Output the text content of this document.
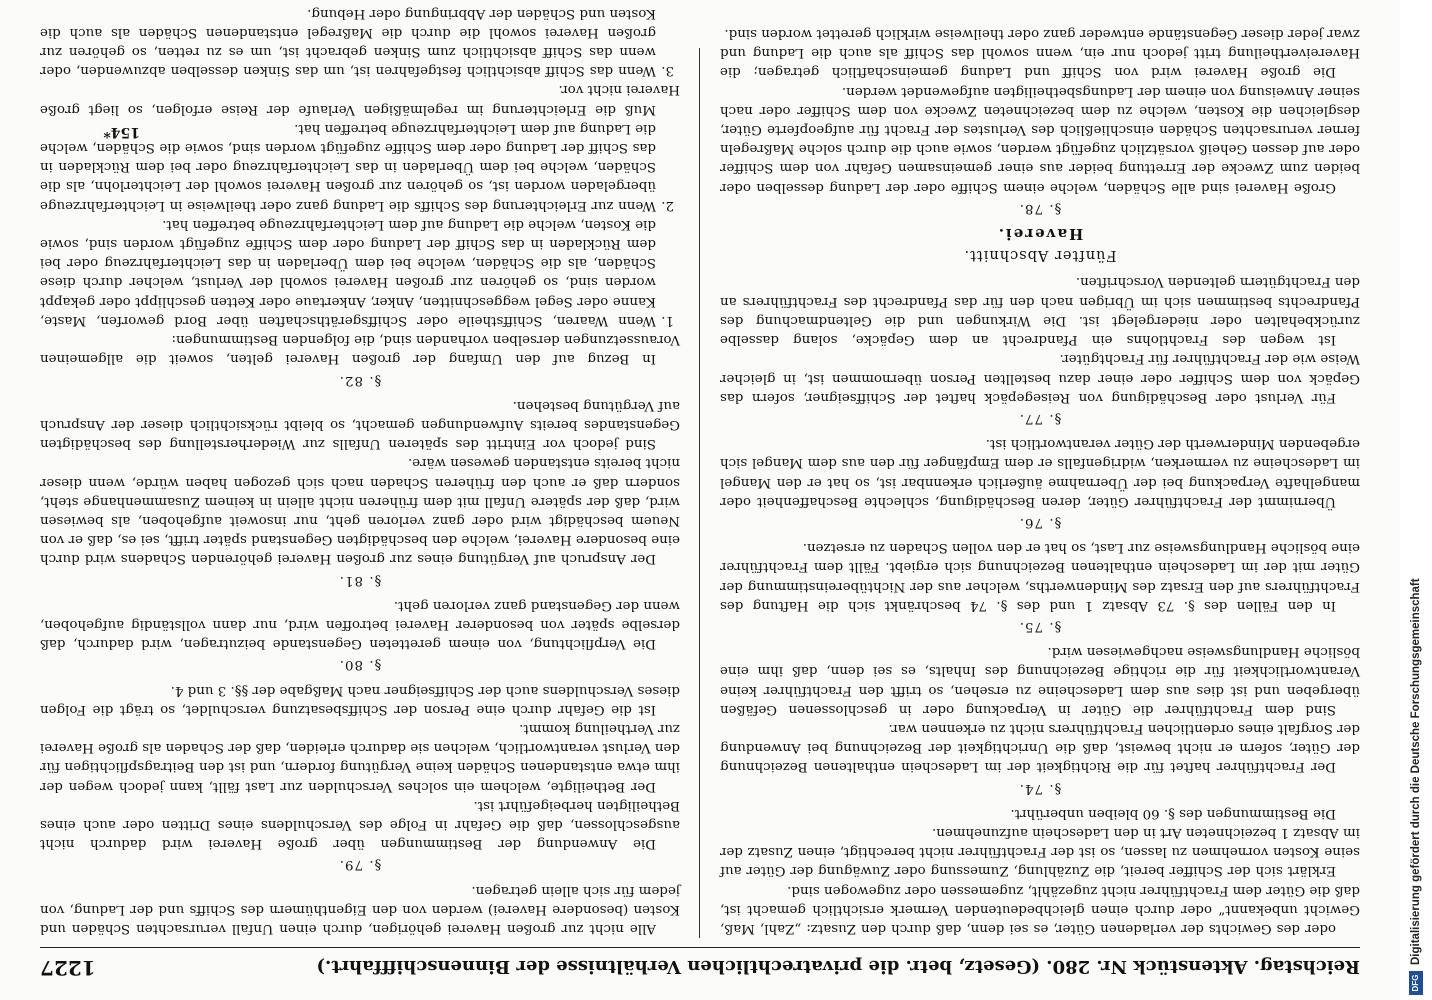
Reichstag. Aktenstück Nr. 280. (Gesetz, betr. die privatrechtlichen Verhältnisse der Binnenschifffahrt.)
1227

oder des Gewichts der verladenen Güter, es sei denn, daß durch den Zusatz: „Zahl, Maß, Gewicht unbekannt“ oder durch einen gleichbedeutenden Vermerk ersichtlich gemacht ist, daß die Güter dem Frachtführer nicht zugezählt, zugemessen oder zugewogen sind.

Erklärt sich der Schiffer bereit, die Zuzählung, Zumessung oder Zuwägung der Güter auf seine Kosten vornehmen zu lassen, so ist der Frachtführer nicht berechtigt, einen Zusatz der im Absatz 1 bezeichneten Art in den Ladeschein aufzunehmen.

Die Bestimmungen des §. 60 bleiben unberührt.

§. 74.

Der Frachtführer haftet für die Richtigkeit der im Ladeschein enthaltenen Bezeichnung der Güter, sofern er nicht beweist, daß die Unrichtigkeit der Bezeichnung bei Anwendung der Sorgfalt eines ordentlichen Frachtführers nicht zu erkennen war.

Sind dem Frachtführer die Güter in Verpackung oder in geschlossenen Gefäßen übergeben und ist dies aus dem Ladescheine zu ersehen, so trifft den Frachtführer keine Verantwortlichkeit für die richtige Bezeichnung des Inhalts, es sei denn, daß ihm eine bösliche Handlungsweise nachgewiesen wird.

§. 75.

In den Fällen des §. 73 Absatz 1 und des §. 74 beschränkt sich die Haftung des Frachtführers auf den Ersatz des Mindenwerths, welcher aus der Nichtübereinstimmung der Güter mit der im Ladeschein enthaltenen Bezeichnung sich ergiebt. Fällt dem Frachtführer eine bösliche Handlungsweise zur Last, so hat er den vollen Schaden zu ersetzen.

§. 76.

Übernimmt der Frachtführer Güter, deren Beschädigung, schlechte Beschaffenheit oder mangelhafte Verpackung bei der Übernahme äußerlich erkennbar ist, so hat er den Mangel im Ladescheine zu vermerken, widrigenfalls er dem Empfänger für den aus dem Mangel sich ergebenden Minderwerth der Güter verantwortlich ist.

§. 77.

Für Verlust oder Beschädigung von Reisegepäck haftet der Schiffseigner, sofern das Gepäck von dem Schiffer oder einer dazu bestellten Person übernommen ist, in gleicher Weise wie der Frachtführer für Frachtgüter.

Ist wegen des Frachtlohns ein Pfandrecht an dem Gepäcke, solang dasselbe zurückbehalten oder niedergelegt ist. Die Wirkungen und die Geltendmachung des Pfandrechts bestimmen sich im Übrigen nach den für das Pfandrecht des Frachtführers an den Frachtgütern geltenden Vorschriften.

Fünfter Abschnitt.

Haverei.

§. 78.

Große Haverei sind alle Schäden, welche einem Schiffe oder der Ladung desselben oder beiden zum Zwecke der Errettung beider aus einer gemeinsamen Gefahr von dem Schiffer oder auf dessen Geheiß vorsätzlich zugefügt werden, sowie auch die durch solche Maßregeln ferner verursachten Schäden einschließlich des Verlustes der Fracht für aufgeopferte Güter, desgleichen die Kosten, welche zu dem bezeichneten Zwecke von dem Schiffer oder nach seiner Anweisung von einem der Ladungsbetheiligten aufgewendet werden.

Die große Haverei wird von Schiff und Ladung gemeinschaftlich getragen; die Havereivertheilung tritt jedoch nur ein, wenn sowohl das Schiff als auch die Ladung und zwar jeder dieser Gegenstände entweder ganz oder theilweise wirklich gerettet worden sind.

Alle nicht zur großen Haverei gehörigen, durch einen Unfall verursachten Schäden und Kosten (besondere Haverei) werden von den Eigenthümern des Schiffs und der Ladung, von jedem für sich allein getragen.

§. 79.

Die Anwendung der Bestimmungen über große Haverei wird dadurch nicht ausgeschlossen, daß die Gefahr in Folge des Verschuldens eines Dritten oder auch eines Betheiligten herbeigeführt ist.

Der Betheiligte, welchem ein solches Verschulden zur Last fällt, kann jedoch wegen der ihm etwa entstandenen Schäden keine Vergütung fordern, und ist den Beitragspflichtigen für den Verlust verantwortlich, welchen sie dadurch erleiden, daß der Schaden als große Haverei zur Vertheilung kommt.

Ist die Gefahr durch eine Person der Schiffsbesatzung verschuldet, so trägt die Folgen dieses Verschuldens auch der Schiffseigner nach Maßgabe der §§. 3 und 4.

§. 80.

Die Verpflichtung, von einem geretteten Gegenstande beizutragen, wird dadurch, daß derselbe später von besonderer Haverei betroffen wird, nur dann vollständig aufgehoben, wenn der Gegenstand ganz verloren geht.

§. 81.

Der Anspruch auf Vergütung eines zur großen Haverei gehörenden Schadens wird durch eine besondere Haverei, welche den beschädigten Gegenstand später trifft, sei es, daß er von Neuem beschädigt wird oder ganz verloren geht, nur insoweit aufgehoben, als bewiesen wird, daß der spätere Unfall mit dem früheren nicht allein in keinem Zusammenhange steht, sondern daß er auch den früheren Schaden nach sich gezogen haben würde, wenn dieser nicht bereits entstanden gewesen wäre.

Sind jedoch vor Eintritt des späteren Unfalls zur Wiederherstellung des beschädigten Gegenstandes bereits Aufwendungen gemacht, so bleibt rücksichtlich dieser der Anspruch auf Vergütung bestehen.

§. 82.

In Bezug auf den Umfang der großen Haverei gelten, soweit die allgemeinen Voraussetzungen derselben vorhanden sind, die folgenden Bestimmungen:

1.Wenn Waaren, Schiffstheile oder Schiffsgeräthschaften über Bord geworfen, Maste, Kanne oder Segel weggeschnitten, Anker, Ankertaue oder Ketten geschlippt oder gekappt worden sind, so gehören zur großen Haverei sowohl der Verlust, welcher durch diese Schäden, als die Schäden, welche bei dem Überladen in das Leichterfahrzeug oder bei dem Rückladen in das Schiff der Ladung oder dem Schiffe zugefügt worden sind, sowie die Kosten, welche die Ladung auf dem Leichterfahrzeuge betreffen hat.

2.Wenn zur Erleichterung des Schiffs die Ladung ganz oder theilweise in Leichterfahrzeuge übergeladen worden ist, so gehören zur großen Haverei sowohl der Leichterlohn, als die Schäden, welche bei dem Überladen in das Leichterfahrzeug oder bei dem Rückladen in das Schiff der Ladung oder dem Schiffe zugefügt worden sind, sowie die Schäden, welche die Ladung auf dem Leichterfahrzeuge betreffen hat.

Muß die Erleichterung im regelmäßigen Verlaufe der Reise erfolgen, so liegt große Haverei nicht vor.

3.Wenn das Schiff absichtlich festgefahren ist, um das Sinken desselben abzuwenden, oder wenn das Schiff absichtlich zum Sinken gebracht ist, um es zu retten, so gehören zur großen Haverei sowohl die durch die Maßregel entstandenen Schäden als auch die Kosten und Schäden der Abbringung oder Hebung.

154*
DFG
Digitalisierung gefördert durch die Deutsche Forschungsgemeinschaft
